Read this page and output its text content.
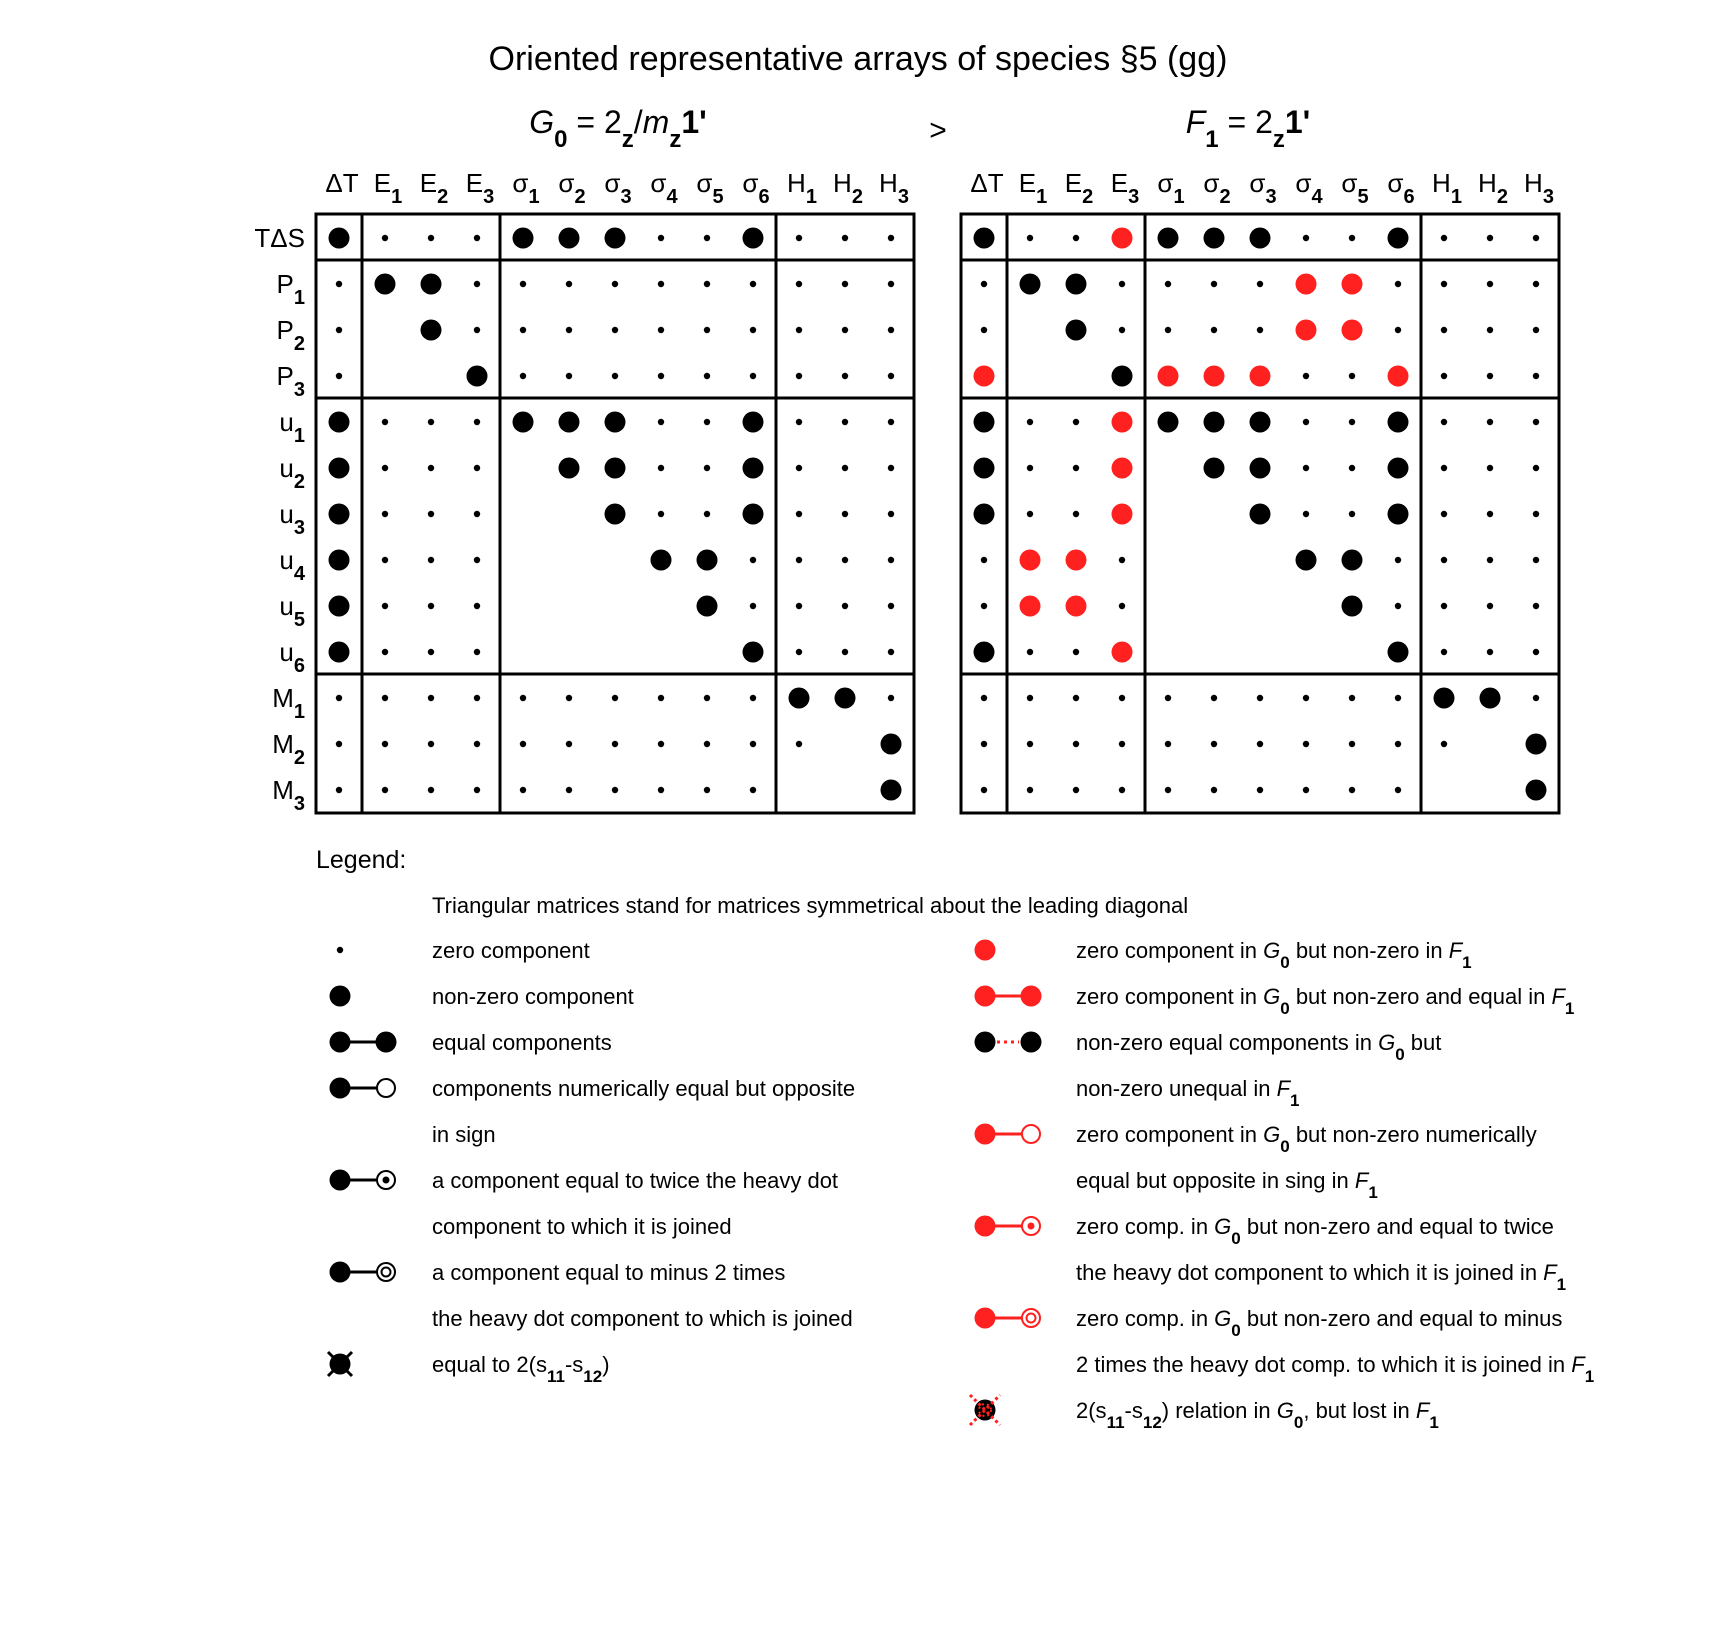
Oriented representative arrays of species §5 (gg)
$G_0 = 2_z/m_z1'$	$F_1 = 2_z1'$
>
ΔT $E_1$ $E_2$ $E_3$ $\sigma_1$ $\sigma_2$ $\sigma_3$ $\sigma_4$ $\sigma_5$ $\sigma_6$ $H_1$ $H_2$ $H_3$
TΔS
$P_1$
$P_2$
$P_3$
$u_1$
$u_2$
$u_3$
$u_4$
$u_5$
$u_6$
$M_1$
$M_2$
$M_3$
ΔT $E_1$ $E_2$ $E_3$ $\sigma_1$ $\sigma_2$ $\sigma_3$ $\sigma_4$ $\sigma_5$ $\sigma_6$ $H_1$ $H_2$ $H_3$
Legend:
Triangular matrices stand for matrices symmetrical about the leading diagonal
zero component
non-zero component
equal components
components numerically equal but opposite
in sign
a component equal to twice the heavy dot
component to which it is joined
a component equal to minus 2 times
the heavy dot component to which is joined
equal to $2(s_{11}-s_{12})$
zero component in $G_0$ but non-zero in $F_1$
zero component in $G_0$ but non-zero and equal in $F_1$
non-zero equal components in $G_0$ but
non-zero unequal in $F_1$
zero component in $G_0$ but non-zero numerically
equal but opposite in sing in $F_1$
zero comp. in $G_0$ but non-zero and equal to twice
the heavy dot component to which it is joined in $F_1$
zero comp. in $G_0$ but non-zero and equal to minus
2 times the heavy dot comp. to which it is joined in $F_1$
$2(s_{11}-s_{12})$ relation in $G_0$, but lost in $F_1$
